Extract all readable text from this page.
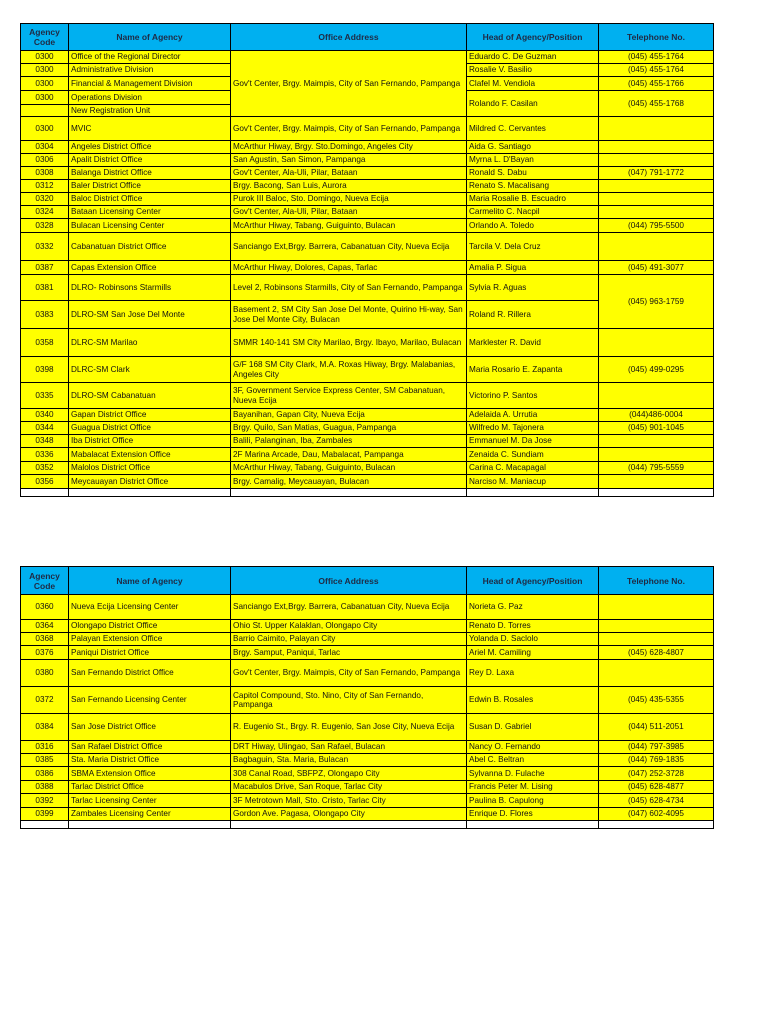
Agency Code	Name of Agency	Office Address	Head of Agency/Position	Telephone No.
0300	Office of the Regional Director	Gov't Center, Brgy. Maimpis, City of San Fernando, Pampanga	Eduardo C. De Guzman	(045) 455-1764
0300	Administrative Division		Rosalie V. Basilio	(045) 455-1764
0300	Financial & Management Division		Clafel M. Vendiola	(045) 455-1766
0300	Operations Division		Rolando F. Casilan	(045) 455-1768
	New Registration Unit			
0300	MVIC	Gov't Center, Brgy. Maimpis, City of San Fernando, Pampanga	Mildred C. Cervantes	
0304	Angeles District Office	McArthur Hiway, Brgy. Sto.Domingo, Angeles City	Aida G. Santiago	
0306	Apalit District Office	San Agustin, San Simon, Pampanga	Myrna L. D'Bayan	
0308	Balanga District Office	Gov't Center, Ala-Uli, Pilar, Bataan	Ronald S. Dabu	(047) 791-1772
0312	Baler District Office	Brgy. Bacong, San Luis, Aurora	Renato S. Macalisang	
0320	Baloc District Office	Purok III Baloc, Sto. Domingo, Nueva Ecija	Maria Rosalie B. Escuadro	
0324	Bataan Licensing Center	Gov't Center, Ala-Uli, Pilar, Bataan	Carmelito C. Nacpil	
0328	Bulacan Licensing Center	McArthur Hiway, Tabang, Guiguinto, Bulacan	Orlando A. Toledo	(044) 795-5500
0332	Cabanatuan District Office	Sanciango Ext,Brgy. Barrera, Cabanatuan City, Nueva Ecija	Tarcila V. Dela Cruz	
0387	Capas Extension Office	McArthur Hiway, Dolores, Capas, Tarlac	Amalia P. Sigua	(045) 491-3077
0381	DLRO- Robinsons Starmills	Level 2, Robinsons Starmills, City of San Fernando, Pampanga	Sylvia R. Aguas	(045) 963-1759
0383	DLRO-SM San Jose Del Monte	Basement 2, SM City San Jose Del Monte, Quirino Hi-way, San Jose Del Monte City, Bulacan	Roland R. Rillera	
0358	DLRC-SM Marilao	SMMR 140-141 SM City Marilao, Brgy. Ibayo, Marilao, Bulacan	Marklester R. David	
0398	DLRC-SM Clark	G/F 168 SM City Clark, M.A. Roxas Hiway, Brgy. Malabanias, Angeles City	Maria Rosario E. Zapanta	(045) 499-0295
0335	DLRO-SM Cabanatuan	3F, Government Service Express Center, SM Cabanatuan, Nueva Ecija	Victorino P. Santos	
0340	Gapan District Office	Bayanihan, Gapan City, Nueva Ecija	Adelaida A. Urrutia	(044)486-0004
0344	Guagua District Office	Brgy. Quilo, San Matias, Guagua, Pampanga	Wilfredo M. Tajonera	(045) 901-1045
0348	Iba District Office	Balili, Palanginan, Iba, Zambales	Emmanuel M. Da Jose	
0336	Mabalacat Extension Office	2F Marina Arcade, Dau, Mabalacat, Pampanga	Zenaida C. Sundiam	
0352	Malolos District Office	McArthur Hiway, Tabang, Guiguinto, Bulacan	Carina C. Macapagal	(044) 795-5559
0356	Meycauayan District Office	Brgy. Camalig, Meycauayan, Bulacan	Narciso M. Maniacup	

Agency Code	Name of Agency	Office Address	Head of Agency/Position	Telephone No.
0360	Nueva Ecija Licensing Center	Sanciango Ext,Brgy. Barrera, Cabanatuan City, Nueva Ecija	Norieta G. Paz	
0364	Olongapo District Office	Ohio St. Upper Kalaklan, Olongapo City	Renato D. Torres	
0368	Palayan Extension Office	Barrio Caimito, Palayan City	Yolanda D. Saclolo	
0376	Paniqui District Office	Brgy. Samput, Paniqui, Tarlac	Ariel M. Camiling	(045) 628-4807
0380	San Fernando District Office	Gov't Center, Brgy. Maimpis, City of San Fernando, Pampanga	Rey D. Laxa	
0372	San Fernando Licensing Center	Capitol Compound, Sto. Nino, City of San Fernando, Pampanga	Edwin B. Rosales	(045) 435-5355
0384	San Jose District Office	R. Eugenio St., Brgy. R. Eugenio, San Jose City, Nueva Ecija	Susan D. Gabriel	(044) 511-2051
0316	San Rafael District Office	DRT Hiway, Ulingao, San Rafael, Bulacan	Nancy O. Fernando	(044) 797-3985
0385	Sta. Maria District Office	Bagbaguin, Sta. Maria, Bulacan	Abel C. Beltran	(044) 769-1835
0386	SBMA Extension Office	308 Canal Road, SBFPZ, Olongapo City	Sylvanna D. Fulache	(047) 252-3728
0388	Tarlac District Office	Macabulos Drive, San Roque, Tarlac City	Francis Peter M. Lising	(045) 628-4877
0392	Tarlac Licensing Center	3F Metrotown Mall, Sto. Cristo, Tarlac City	Paulina B. Capulong	(045) 628-4734
0399	Zambales Licensing Center	Gordon Ave. Pagasa, Olongapo City	Enrique D. Flores	(047) 602-4095
